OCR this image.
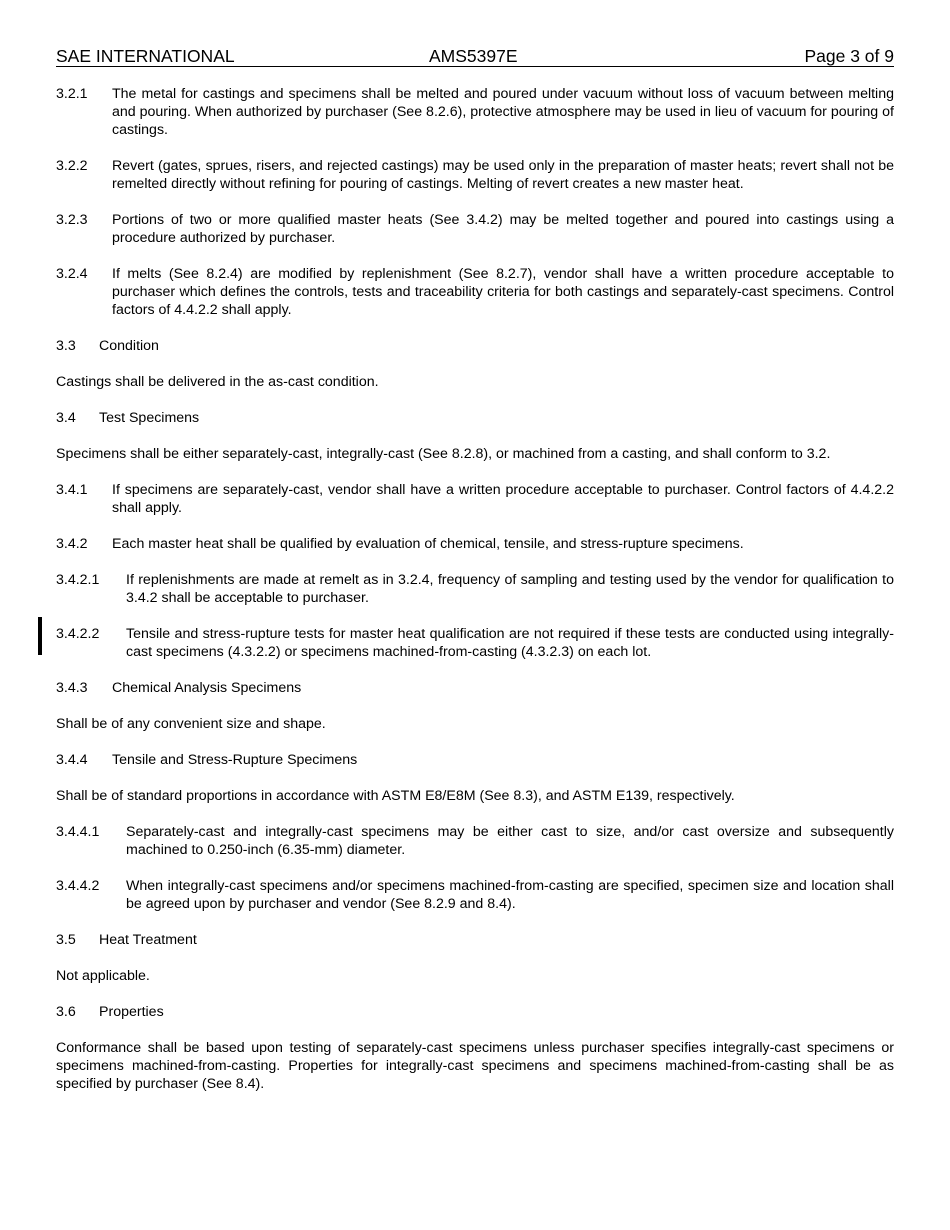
SAE INTERNATIONAL	AMS5397E	Page 3 of 9
3.2.1 The metal for castings and specimens shall be melted and poured under vacuum without loss of vacuum between melting and pouring. When authorized by purchaser (See 8.2.6), protective atmosphere may be used in lieu of vacuum for pouring of castings.
3.2.2 Revert (gates, sprues, risers, and rejected castings) may be used only in the preparation of master heats; revert shall not be remelted directly without refining for pouring of castings. Melting of revert creates a new master heat.
3.2.3 Portions of two or more qualified master heats (See 3.4.2) may be melted together and poured into castings using a procedure authorized by purchaser.
3.2.4 If melts (See 8.2.4) are modified by replenishment (See 8.2.7), vendor shall have a written procedure acceptable to purchaser which defines the controls, tests and traceability criteria for both castings and separately-cast specimens. Control factors of 4.4.2.2 shall apply.
3.3 Condition
Castings shall be delivered in the as-cast condition.
3.4 Test Specimens
Specimens shall be either separately-cast, integrally-cast (See 8.2.8), or machined from a casting, and shall conform to 3.2.
3.4.1 If specimens are separately-cast, vendor shall have a written procedure acceptable to purchaser. Control factors of 4.4.2.2 shall apply.
3.4.2 Each master heat shall be qualified by evaluation of chemical, tensile, and stress-rupture specimens.
3.4.2.1 If replenishments are made at remelt as in 3.2.4, frequency of sampling and testing used by the vendor for qualification to 3.4.2 shall be acceptable to purchaser.
3.4.2.2 Tensile and stress-rupture tests for master heat qualification are not required if these tests are conducted using integrally-cast specimens (4.3.2.2) or specimens machined-from-casting (4.3.2.3) on each lot.
3.4.3 Chemical Analysis Specimens
Shall be of any convenient size and shape.
3.4.4 Tensile and Stress-Rupture Specimens
Shall be of standard proportions in accordance with ASTM E8/E8M (See 8.3), and ASTM E139, respectively.
3.4.4.1 Separately-cast and integrally-cast specimens may be either cast to size, and/or cast oversize and subsequently machined to 0.250-inch (6.35-mm) diameter.
3.4.4.2 When integrally-cast specimens and/or specimens machined-from-casting are specified, specimen size and location shall be agreed upon by purchaser and vendor (See 8.2.9 and 8.4).
3.5 Heat Treatment
Not applicable.
3.6 Properties
Conformance shall be based upon testing of separately-cast specimens unless purchaser specifies integrally-cast specimens or specimens machined-from-casting. Properties for integrally-cast specimens and specimens machined-from-casting shall be as specified by purchaser (See 8.4).
